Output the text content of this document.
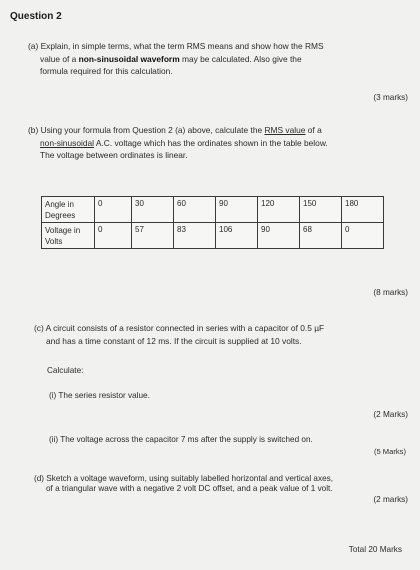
Question 2
(a) Explain, in simple terms, what the term RMS means and show how the RMS
value of a non-sinusoidal waveform may be calculated. Also give the
formula required for this calculation.
(3 marks)
(b) Using your formula from Question 2 (a) above, calculate the RMS value of a
non-sinusoidal A.C. voltage which has the ordinates shown in the table below.
The voltage between ordinates is linear.
Angle in Degrees	0	30	60	90	120	150	180
Voltage in Volts	0	57	83	106	90	68	0
(8 marks)
(c) A circuit consists of a resistor connected in series with a capacitor of 0.5 µF
and has a time constant of 12 ms. If the circuit is supplied at 10 volts.
Calculate:
(i) The series resistor value.
(2 Marks)
(ii) The voltage across the capacitor 7 ms after the supply is switched on.
(5 Marks)
(d) Sketch a voltage waveform, using suitably labelled horizontal and vertical axes,
of a triangular wave with a negative 2 volt DC offset, and a peak value of 1 volt.
(2 marks)
Total 20 Marks
